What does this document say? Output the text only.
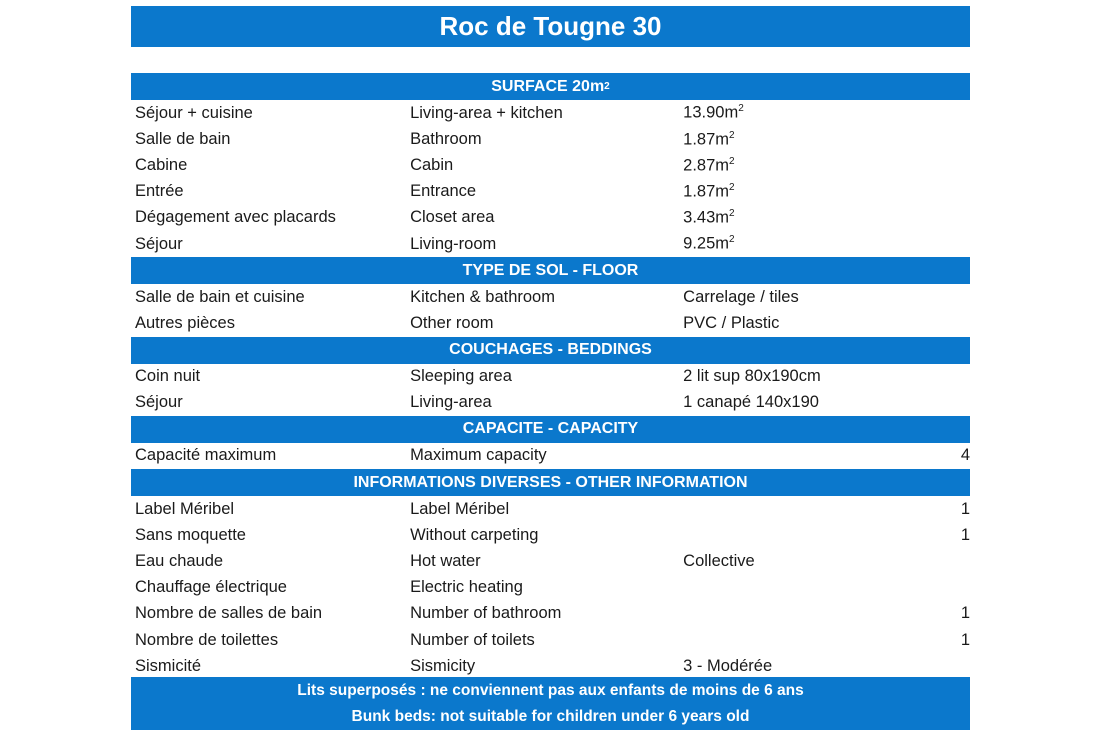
Roc de Tougne 30
SURFACE 20m 2
Séjour + cuisine	Living-area + kitchen	$13.90m^2$
Salle de bain	Bathroom	$1.87m^2$
Cabine	Cabin	$2.87m^2$
Entrée	Entrance	$1.87m^2$
Dégagement avec placards	Closet area	$3.43m^2$
Séjour	Living-room	$9.25m^2$
TYPE DE SOL - FLOOR
Salle de bain et cuisine	Kitchen & bathroom	Carrelage / tiles
Autres pièces	Other room	PVC / Plastic
COUCHAGES - BEDDINGS
Coin nuit	Sleeping area	2 lit sup 80x190cm
Séjour	Living-area	1 canapé 140x190
CAPACITE - CAPACITY
Capacité maximum	Maximum capacity	4
INFORMATIONS DIVERSES - OTHER INFORMATION
Label Méribel	Label Méribel	1
Sans moquette	Without carpeting	1
Eau chaude	Hot water	Collective
Chauffage électrique	Electric heating
Nombre de salles de bain	Number of bathroom	1
Nombre de toilettes	Number of toilets	1
Sismicité	Sismicity	3 - Modérée
Lits superposés : ne conviennent pas aux enfants de moins de 6 ans
Bunk beds: not suitable for children under 6 years old
